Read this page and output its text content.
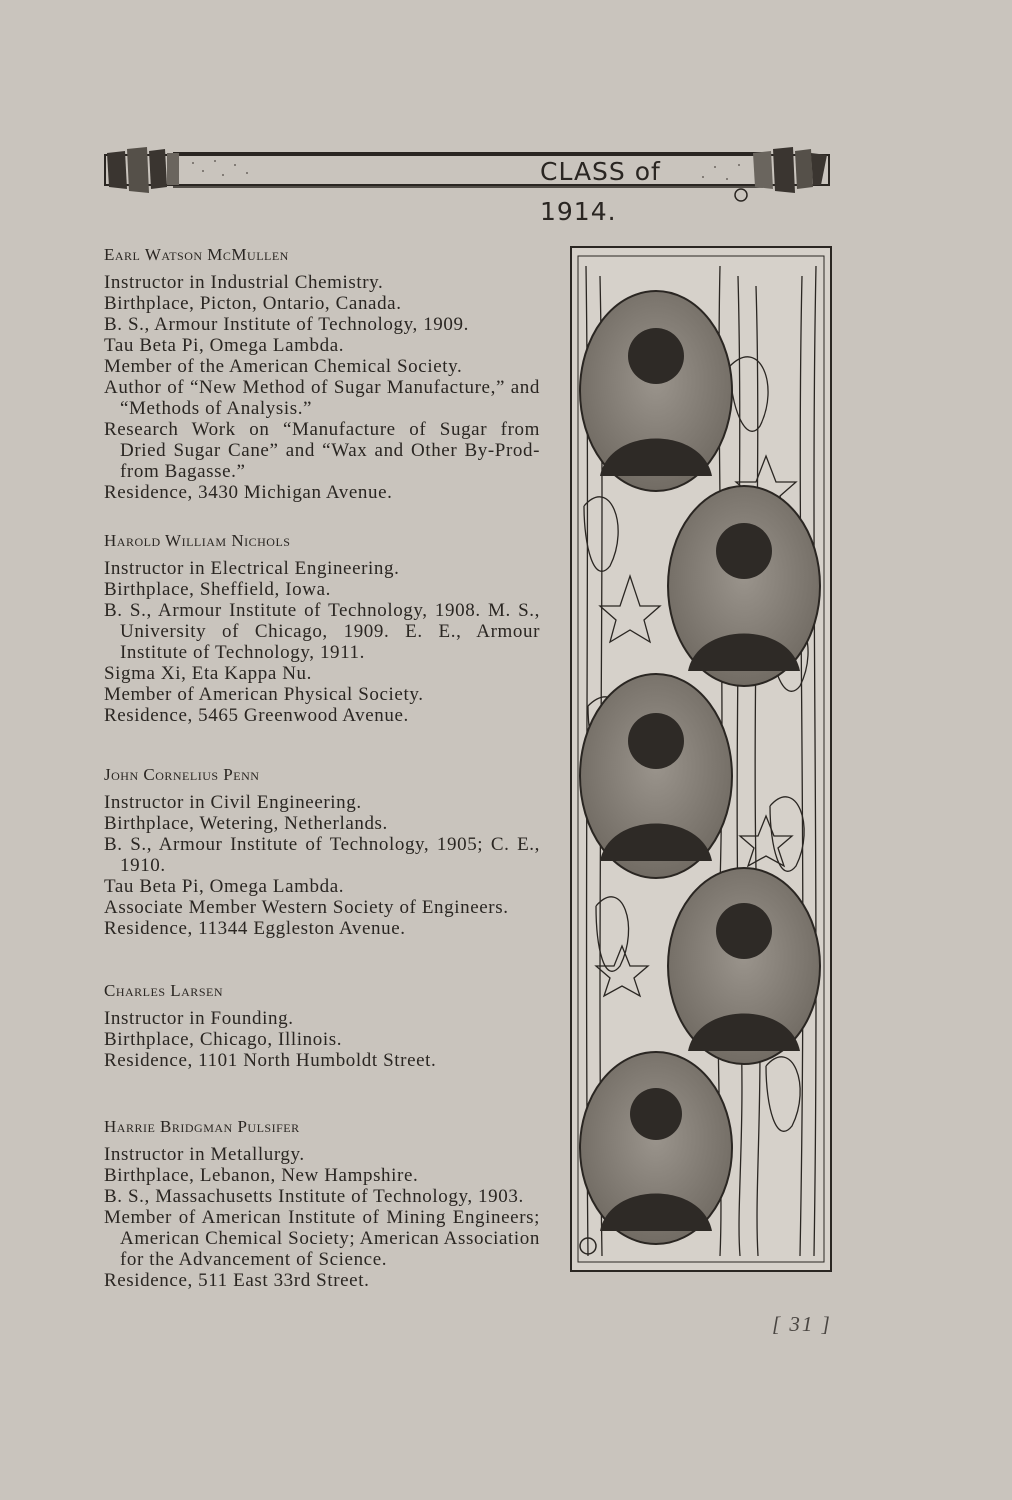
CLASS of 1914.
Earl Watson McMullen
Instructor in Industrial Chemistry.
Birthplace, Picton, Ontario, Canada.
B. S., Armour Institute of Technology, 1909.
Tau Beta Pi, Omega Lambda.
Member of the American Chemical Society.
Author of “New Method of Sugar Manufacture,” and “Methods of Analysis.”
Research Work on “Manufacture of Sugar from Dried Sugar Cane” and “Wax and Other By-Prod- from Bagasse.”
Residence, 3430 Michigan Avenue.
Harold William Nichols
Instructor in Electrical Engineering.
Birthplace, Sheffield, Iowa.
B. S., Armour Institute of Technology, 1908. M. S., University of Chicago, 1909. E. E., Armour Institute of Technology, 1911.
Sigma Xi, Eta Kappa Nu.
Member of American Physical Society.
Residence, 5465 Greenwood Avenue.
John Cornelius Penn
Instructor in Civil Engineering.
Birthplace, Wetering, Netherlands.
B. S., Armour Institute of Technology, 1905; C. E., 1910.
Tau Beta Pi, Omega Lambda.
Associate Member Western Society of Engineers.
Residence, 11344 Eggleston Avenue.
Charles Larsen
Instructor in Founding.
Birthplace, Chicago, Illinois.
Residence, 1101 North Humboldt Street.
Harrie Bridgman Pulsifer
Instructor in Metallurgy.
Birthplace, Lebanon, New Hampshire.
B. S., Massachusetts Institute of Technology, 1903.
Member of American Institute of Mining Engineers; American Chemical Society; American Association for the Advancement of Science.
Residence, 511 East 33rd Street.
[ 31 ]
